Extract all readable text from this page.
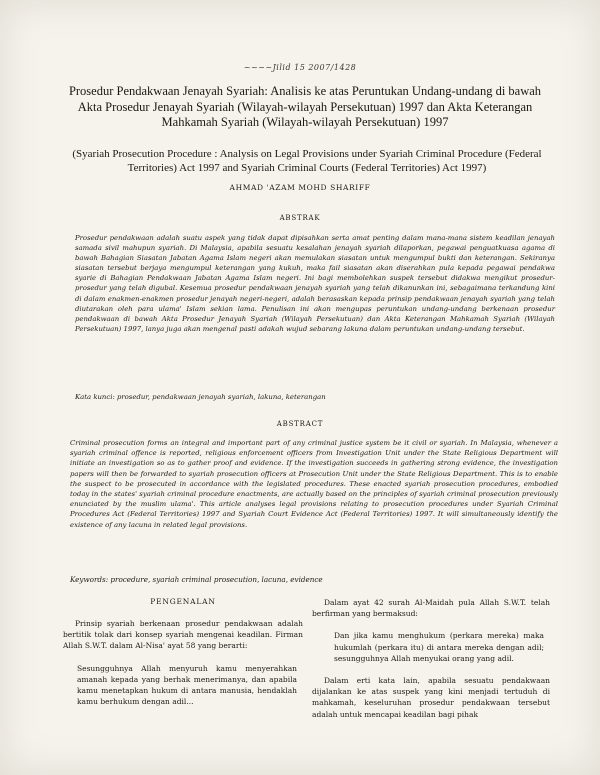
~~~~Jilid 15 2007/1428
Prosedur Pendakwaan Jenayah Syariah: Analisis ke atas Peruntukan Undang-undang di bawah Akta Prosedur Jenayah Syariah (Wilayah-wilayah Persekutuan) 1997 dan Akta Keterangan Mahkamah Syariah (Wilayah-wilayah Persekutuan) 1997
(Syariah Prosecution Procedure : Analysis on Legal Provisions under Syariah Criminal Procedure (Federal Territories) Act 1997 and Syariah Criminal Courts (Federal Territories) Act 1997)
AHMAD 'AZAM MOHD SHARIFF
ABSTRAK

Prosedur pendakwaan adalah suatu aspek yang tidak dapat dipisahkan serta amat penting dalam mana-mana sistem keadilan jenayah samada sivil mahupun syariah. Di Malaysia, apabila sesuatu kesalahan jenayah syariah dilaporkan, pegawai penguatkuasa agama di bawah Bahagian Siasatan Jabatan Agama Islam negeri akan memulakan siasatan untuk mengumpul bukti dan keterangan. Sekiranya siasatan tersebut berjaya mengumpul keterangan yang kukuh, maka fail siasatan akan diserahkan pula kepada pegawai pendakwa syarie di Bahagian Pendakwaan Jabatan Agama Islam negeri. Ini bagi membolehkan suspek tersebut didakwa mengikut prosedur-prosedur yang telah digubal. Kesemua prosedur pendakwaan jenayah syariah yang telah dikanunkan ini, sebagaimana terkandung kini di dalam enakmen-enakmen prosedur jenayah negeri-negeri, adalah berasaskan kepada prinsip pendakwaan jenayah syariah yang telah diutarakan oleh para ulama' Islam sekian lama. Penulisan ini akan mengupas peruntukan undang-undang berkenaan prosedur pendakwaan di bawah Akta Prosedur Jenayah Syariah (Wilayah Persekutuan) dan Akta Keterangan Mahkamah Syariah (Wilayah Persekutuan) 1997, lanya juga akan mengenal pasti adakah wujud sebarang lakuna dalam peruntukan undang-undang tersebut.

Kata kunci: prosedur, pendakwaan jenayah syariah, lakuna, keterangan
ABSTRACT

Criminal prosecution forms an integral and important part of any criminal justice system be it civil or syariah. In Malaysia, whenever a syariah criminal offence is reported, religious enforcement officers from Investigation Unit under the State Religious Department will initiate an investigation so as to gather proof and evidence. If the investigation succeeds in gathering strong evidence, the investigation papers will then be forwarded to syariah prosecution officers at Prosecution Unit under the State Religious Department. This is to enable the suspect to be prosecuted in accordance with the legislated procedures. These enacted syariah prosecution procedures, embodied today in the states' syariah criminal procedure enactments, are actually based on the principles of syariah criminal prosecution previously enunciated by the muslim ulama'. This article analyses legal provisions relating to prosecution procedures under Syariah Criminal Procedures Act (Federal Territories) 1997 and Syariah Court Evidence Act (Federal Territories) 1997. It will simultaneously identify the existence of any lacuna in related legal provisions.

Keywords: procedure, syariah criminal prosecution, lacuna, evidence
PENGENALAN

Prinsip syariah berkenaan prosedur pendakwaan adalah bertitik tolak dari konsep syariah mengenai keadilan. Firman Allah S.W.T. dalam Al-Nisa' ayat 58 yang berarti:

Sesungguhnya Allah menyuruh kamu menyerahkan amanah kepada yang berhak menerimanya, dan apabila kamu menetapkan hukum di antara manusia, hendaklah kamu berhukum dengan adil...

Dalam ayat 42 surah Al-Maidah pula Allah S.W.T. telah berfirman yang bermaksud:

Dan jika kamu menghukum (perkara mereka) maka hukumlah (perkara itu) di antara mereka dengan adil; sesungguhnya Allah menyukai orang yang adil.

Dalam erti kata lain, apabila sesuatu pendakwaan dijalankan ke atas suspek yang kini menjadi tertuduh di mahkamah, keseluruhan prosedur pendakwaan tersebut adalah untuk mencapai keadilan bagi pihak
